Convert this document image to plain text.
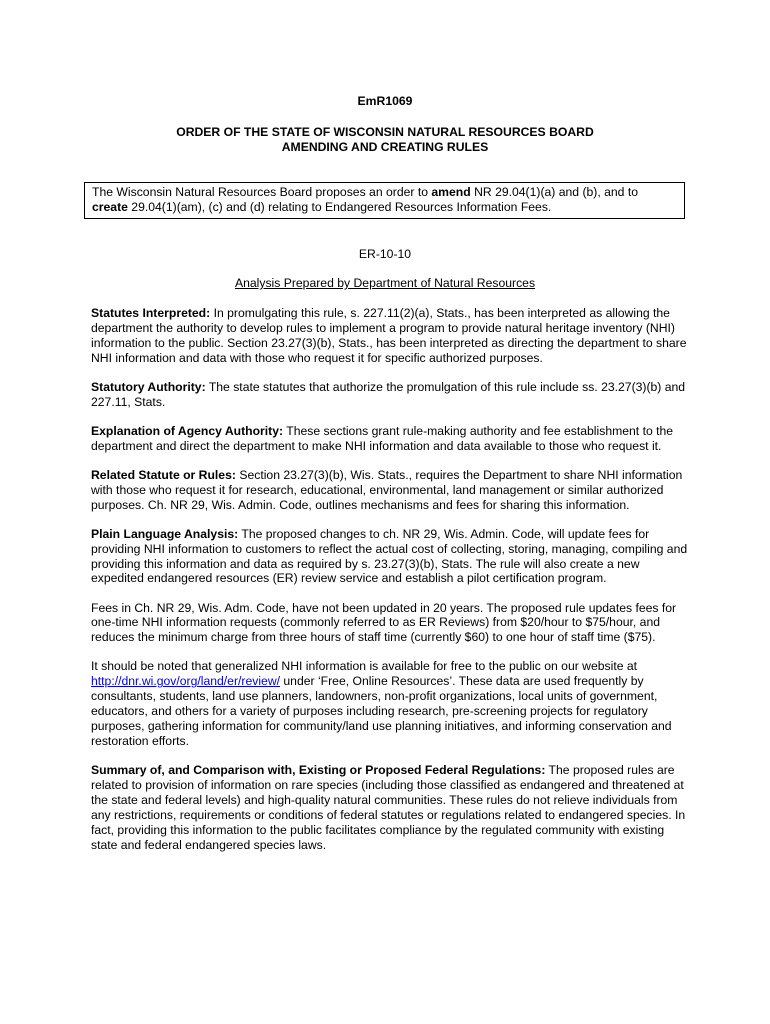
EmR1069
ORDER OF THE STATE OF WISCONSIN NATURAL RESOURCES BOARD
AMENDING AND CREATING RULES
The Wisconsin Natural Resources Board proposes an order to amend NR 29.04(1)(a) and (b), and to
create 29.04(1)(am), (c) and (d) relating to Endangered Resources Information Fees.
ER-10-10
Analysis Prepared by Department of Natural Resources

Statutes Interpreted: In promulgating this rule, s. 227.11(2)(a), Stats., has been interpreted as allowing the department the authority to develop rules to implement a program to provide natural heritage inventory (NHI) information to the public. Section 23.27(3)(b), Stats., has been interpreted as directing the department to share NHI information and data with those who request it for specific authorized purposes.

Statutory Authority: The state statutes that authorize the promulgation of this rule include ss. 23.27(3)(b) and 227.11, Stats.

Explanation of Agency Authority: These sections grant rule-making authority and fee establishment to the department and direct the department to make NHI information and data available to those who request it.

Related Statute or Rules: Section 23.27(3)(b), Wis. Stats., requires the Department to share NHI information with those who request it for research, educational, environmental, land management or similar authorized purposes. Ch. NR 29, Wis. Admin. Code, outlines mechanisms and fees for sharing this information.

Plain Language Analysis: The proposed changes to ch. NR 29, Wis. Admin. Code, will update fees for providing NHI information to customers to reflect the actual cost of collecting, storing, managing, compiling and providing this information and data as required by s. 23.27(3)(b), Stats. The rule will also create a new expedited endangered resources (ER) review service and establish a pilot certification program.

Fees in Ch. NR 29, Wis. Adm. Code, have not been updated in 20 years. The proposed rule updates fees for one-time NHI information requests (commonly referred to as ER Reviews) from $20/hour to $75/hour, and reduces the minimum charge from three hours of staff time (currently $60) to one hour of staff time ($75).

It should be noted that generalized NHI information is available for free to the public on our website at http://dnr.wi.gov/org/land/er/review/ under ‘Free, Online Resources’. These data are used frequently by consultants, students, land use planners, landowners, non-profit organizations, local units of government, educators, and others for a variety of purposes including research, pre-screening projects for regulatory purposes, gathering information for community/land use planning initiatives, and informing conservation and restoration efforts.

Summary of, and Comparison with, Existing or Proposed Federal Regulations: The proposed rules are related to provision of information on rare species (including those classified as endangered and threatened at the state and federal levels) and high-quality natural communities. These rules do not relieve individuals from any restrictions, requirements or conditions of federal statutes or regulations related to endangered species. In fact, providing this information to the public facilitates compliance by the regulated community with existing state and federal endangered species laws.
